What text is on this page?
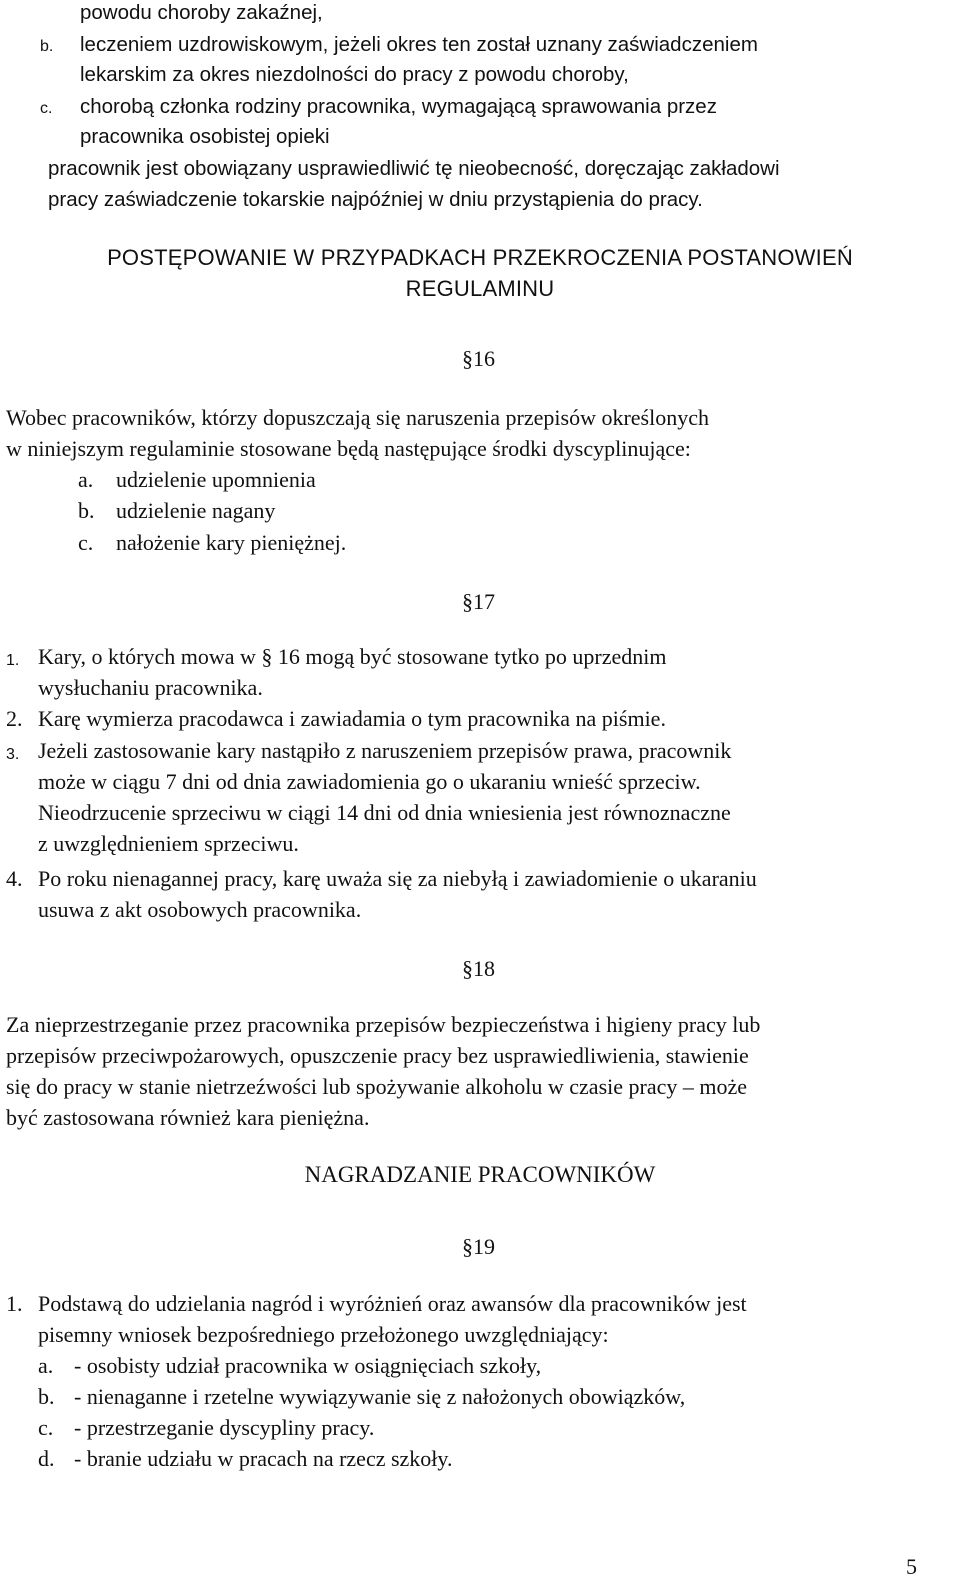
powodu choroby zakaźnej,
b. leczeniem uzdrowiskowym, jeżeli okres ten został uznany zaświadczeniem
lekarskim za okres niezdolności do pracy z powodu choroby,
c. chorobą członka rodziny pracownika, wymagającą sprawowania przez
pracownika osobistej opieki
pracownik jest obowiązany usprawiedliwić tę nieobecność, doręczając zakładowi
pracy zaświadczenie tokarskie najpóźniej w dniu przystąpienia do pracy.
POSTĘPOWANIE W PRZYPADKACH PRZEKROCZENIA POSTANOWIEŃ
REGULAMINU
§16
Wobec pracowników, którzy dopuszczają się naruszenia przepisów określonych
w niniejszym regulaminie stosowane będą następujące środki dyscyplinujące:
a. udzielenie upomnienia
b. udzielenie nagany
c. nałożenie kary pieniężnej.
§17
1. Kary, o których mowa w § 16 mogą być stosowane tytko po uprzednim
wysłuchaniu pracownika.
2. Karę wymierza pracodawca i zawiadamia o tym pracownika na piśmie.
3. Jeżeli zastosowanie kary nastąpiło z naruszeniem przepisów prawa, pracownik
może w ciągu 7 dni od dnia zawiadomienia go o ukaraniu wnieść sprzeciw.
Nieodrzucenie sprzeciwu w ciągi 14 dni od dnia wniesienia jest równoznaczne
z uwzględnieniem sprzeciwu.
4. Po roku nienagannej pracy, karę uważa się za niebyłą i zawiadomienie o ukaraniu
usuwa z akt osobowych pracownika.
§18
Za nieprzestrzeganie przez pracownika przepisów bezpieczeństwa i higieny pracy lub
przepisów przeciwpożarowych, opuszczenie pracy bez usprawiedliwienia, stawienie
się do pracy w stanie nietrzeźwości lub spożywanie alkoholu w czasie pracy – może
być zastosowana również kara pieniężna.
NAGRADZANIE PRACOWNIKÓW
§19
1. Podstawą do udzielania nagród i wyróżnień oraz awansów dla pracowników jest
pisemny wniosek bezpośredniego przełożonego uwzględniający:
a. - osobisty udział pracownika w osiągnięciach szkoły,
b. - nienaganne i rzetelne wywiązywanie się z nałożonych obowiązków,
c. - przestrzeganie dyscypliny pracy.
d. - branie udziału w pracach na rzecz szkoły.
5
